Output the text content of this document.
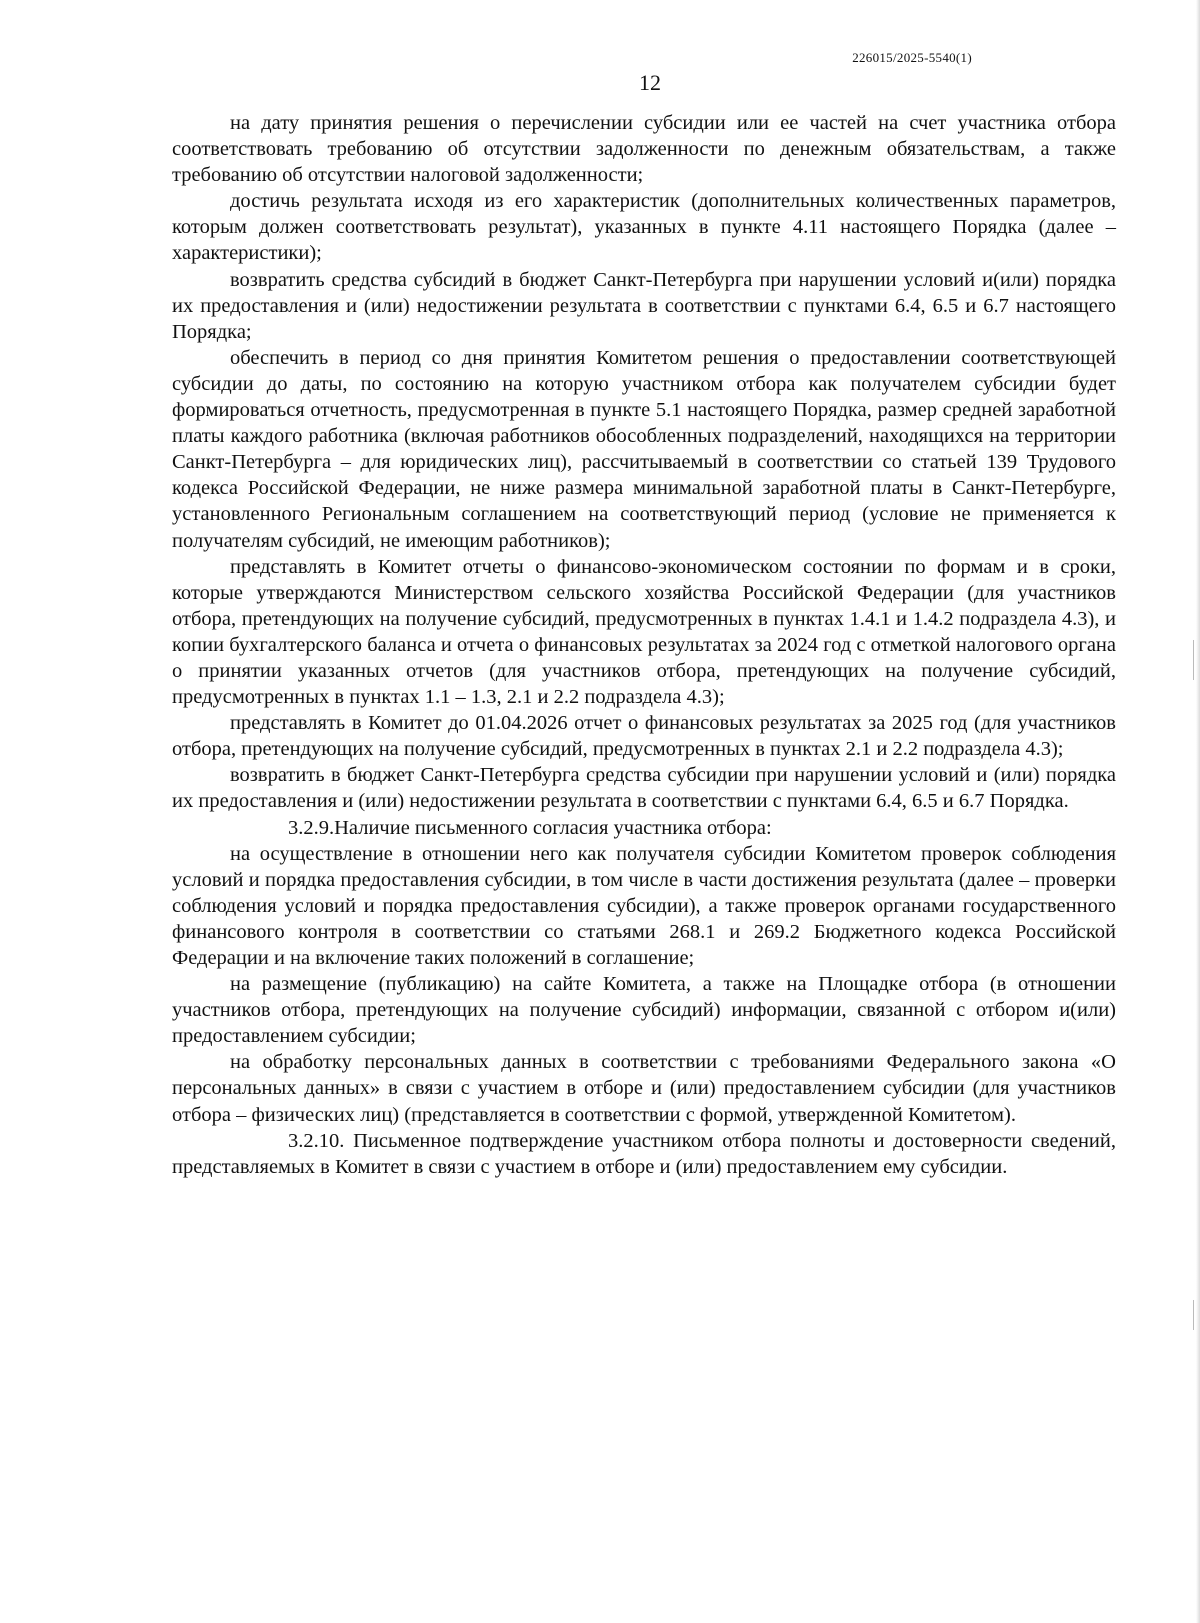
226015/2025-5540(1)
12

на дату принятия решения о перечислении субсидии или ее частей на счет участника отбора соответствовать требованию об отсутствии задолженности по денежным обязательствам, а также требованию об отсутствии налоговой задолженности;

достичь результата исходя из его характеристик (дополнительных количественных параметров, которым должен соответствовать результат), указанных в пункте 4.11 настоящего Порядка (далее – характеристики);

возвратить средства субсидий в бюджет Санкт-Петербурга при нарушении условий и(или) порядка их предоставления и (или) недостижении результата в соответствии с пунктами 6.4, 6.5 и 6.7 настоящего Порядка;

обеспечить в период со дня принятия Комитетом решения о предоставлении соответствующей субсидии до даты, по состоянию на которую участником отбора как получателем субсидии будет формироваться отчетность, предусмотренная в пункте 5.1 настоящего Порядка, размер средней заработной платы каждого работника (включая работников обособленных подразделений, находящихся на территории Санкт-Петербурга – для юридических лиц), рассчитываемый в соответствии со статьей 139 Трудового кодекса Российской Федерации, не ниже размера минимальной заработной платы в Санкт-Петербурге, установленного Региональным соглашением на соответствующий период (условие не применяется к получателям субсидий, не имеющим работников);

представлять в Комитет отчеты о финансово-экономическом состоянии по формам и в сроки, которые утверждаются Министерством сельского хозяйства Российской Федерации (для участников отбора, претендующих на получение субсидий, предусмотренных в пунктах 1.4.1 и 1.4.2 подраздела 4.3), и копии бухгалтерского баланса и отчета о финансовых результатах за 2024 год с отметкой налогового органа о принятии указанных отчетов (для участников отбора, претендующих на получение субсидий, предусмотренных в пунктах 1.1 – 1.3, 2.1 и 2.2 подраздела 4.3);

представлять в Комитет до 01.04.2026 отчет о финансовых результатах за 2025 год (для участников отбора, претендующих на получение субсидий, предусмотренных в пунктах 2.1 и 2.2 подраздела 4.3);

возвратить в бюджет Санкт-Петербурга средства субсидии при нарушении условий и (или) порядка их предоставления и (или) недостижении результата в соответствии с пунктами 6.4, 6.5 и 6.7 Порядка.

3.2.9.Наличие письменного согласия участника отбора:

на осуществление в отношении него как получателя субсидии Комитетом проверок соблюдения условий и порядка предоставления субсидии, в том числе в части достижения результата (далее – проверки соблюдения условий и порядка предоставления субсидии), а также проверок органами государственного финансового контроля в соответствии со статьями 268.1 и 269.2 Бюджетного кодекса Российской Федерации и на включение таких положений в соглашение;

на размещение (публикацию) на сайте Комитета, а также на Площадке отбора (в отношении участников отбора, претендующих на получение субсидий) информации, связанной с отбором и(или) предоставлением субсидии;

на обработку персональных данных в соответствии с требованиями Федерального закона «О персональных данных» в связи с участием в отборе и (или) предоставлением субсидии (для участников отбора – физических лиц) (представляется в соответствии с формой, утвержденной Комитетом).

3.2.10. Письменное подтверждение участником отбора полноты и достоверности сведений, представляемых в Комитет в связи с участием в отборе и (или) предоставлением ему субсидии.
